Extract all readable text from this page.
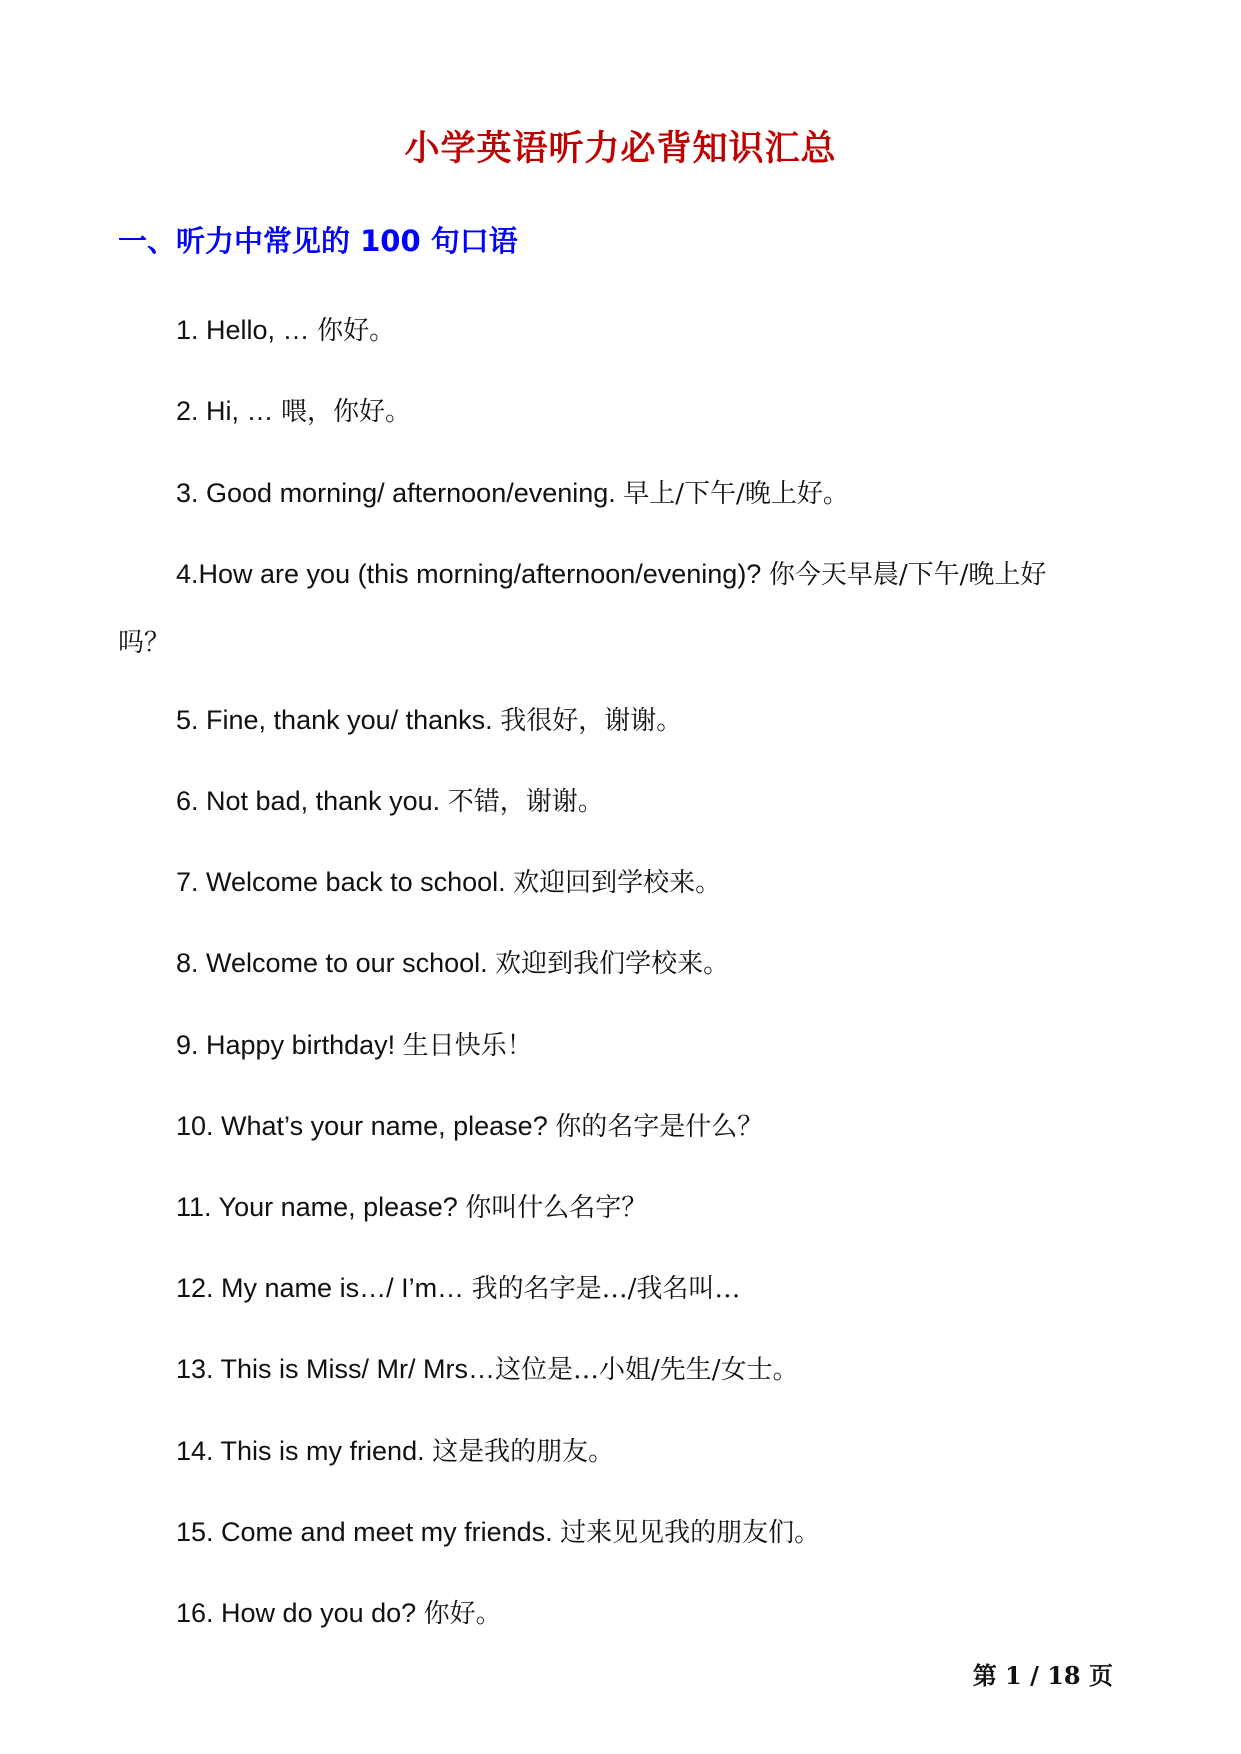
小学英语听力必背知识汇总
一、听力中常见的 100 句口语
1. Hello, … 你好。
2. Hi, … 喂，你好。
3. Good morning/ afternoon/evening. 早上/下午/晚上好。
4.How are you (this morning/afternoon/evening)? 你今天早晨/下午/晚上好
吗？
5. Fine, thank you/ thanks. 我很好，谢谢。
6. Not bad, thank you. 不错，谢谢。
7. Welcome back to school. 欢迎回到学校来。
8. Welcome to our school. 欢迎到我们学校来。
9. Happy birthday! 生日快乐！
10. What’s your name, please? 你的名字是什么？
11. Your name, please? 你叫什么名字？
12. My name is…/ I’m… 我的名字是…/我名叫…
13. This is Miss/ Mr/ Mrs…这位是…小姐/先生/女士。
14. This is my friend. 这是我的朋友。
15. Come and meet my friends. 过来见见我的朋友们。
16. How do you do? 你好。
第 1 / 18 页
